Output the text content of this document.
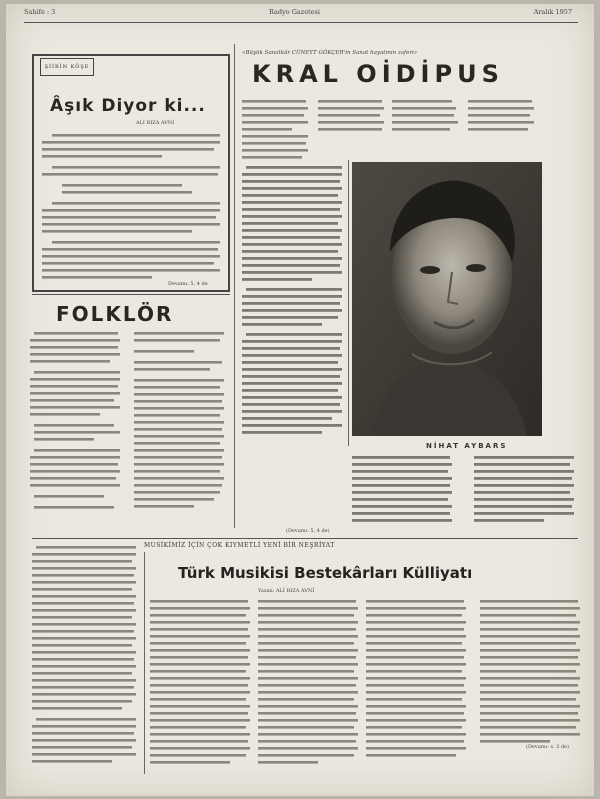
Sahife : 3	Radyo Gazetesi	Aralık 1957
ŞİİRİN KÖŞE
Âşık Diyor ki...
ALİ RIZA AVNİ
Devamı: 5, 4 de
FOLKLÖR
«Büyük Sanatkâr CÜNEYT GÖKÇER'in Sanat hayatının zaferi»
KRAL OİDİPUS
NİHAT AYBARS
(Devamı: 5, 4 de)
MUSİKİMİZ İÇİN ÇOK KIYMETLİ YENİ BİR NEŞRİYAT
Türk Musikisi Bestekârları Külliyatı
Yazan: ALİ RIZA AVNİ
(Devamı: s. 3 de)
